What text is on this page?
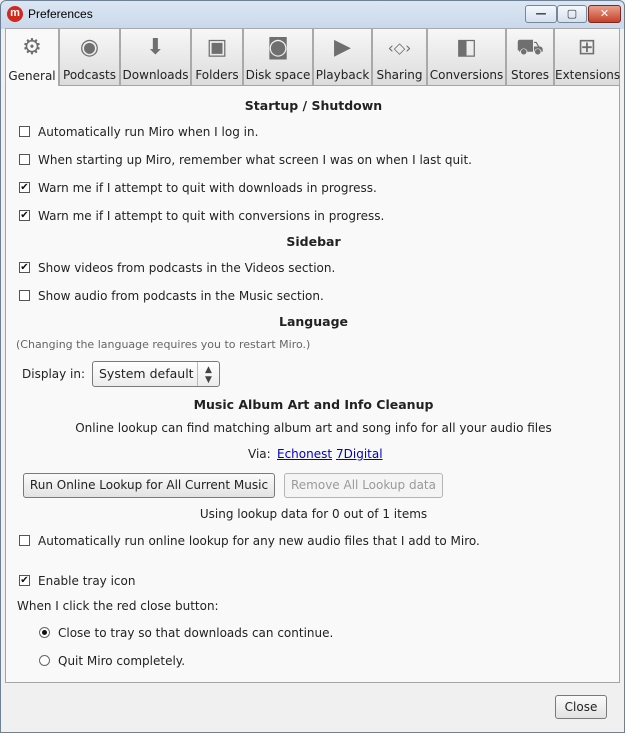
m Preferences	—	▢	✕
⚙
General
◉
Podcasts
⬇
Downloads
▣
Folders
◙
Disk space
▶
Playback
‹◇›
Sharing
◧
Conversions
⛟
Stores
⊞
Extensions
Startup / Shutdown
Automatically run Miro when I log in.
When starting up Miro, remember what screen I was on when I last quit.
✔ Warn me if I attempt to quit with downloads in progress.
✔ Warn me if I attempt to quit with conversions in progress.
Sidebar
✔ Show videos from podcasts in the Videos section.
Show audio from podcasts in the Music section.
Language
(Changing the language requires you to restart Miro.)
Display in:	System default	▲
▼
Music Album Art and Info Cleanup
Online lookup can find matching album art and song info for all your audio files
Via: Echonest 7Digital
Run Online Lookup for All Current Music	Remove All Lookup data
Using lookup data for 0 out of 1 items
Automatically run online lookup for any new audio files that I add to Miro.
✔ Enable tray icon
When I click the red close button:
Close to tray so that downloads can continue.
Quit Miro completely.
Close
